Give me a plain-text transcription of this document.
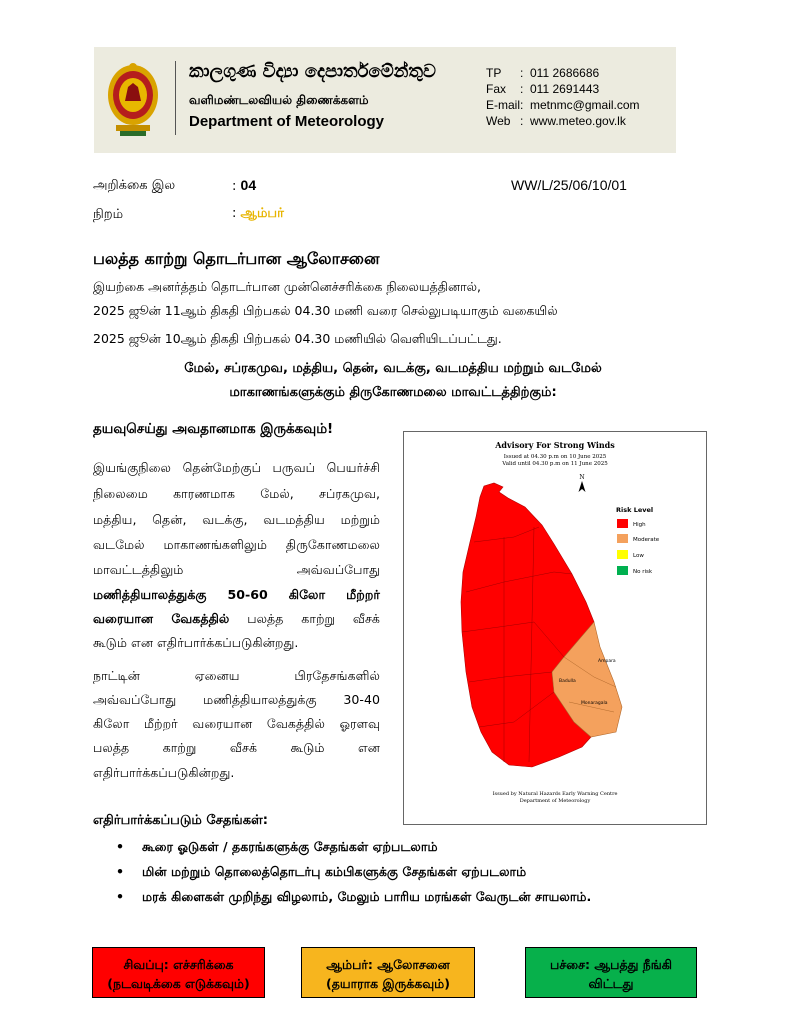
කාලගුණ විද්‍යා දෙපාර්තමේන්තුව
வளிமண்டலவியல் திணைக்களம்
Department of Meteorology
TP : 011 2686686
Fax : 011 2691443
E-mail: metnmc@gmail.com
Web : www.meteo.gov.lk
அறிக்கை இல	: 04	WW/L/25/06/10/01
நிறம்	: ஆம்பர்
பலத்த காற்று தொடர்பான ஆலோசனை
இயற்கை அனர்த்தம் தொடர்பான முன்னெச்சரிக்கை நிலையத்தினால்,
2025 ஜூன் 11ஆம் திகதி பிற்பகல் 04.30 மணி வரை செல்லுபடியாகும் வகையில்
2025 ஜூன் 10ஆம் திகதி பிற்பகல் 04.30 மணியில் வெளியிடப்பட்டது.
மேல், சப்ரகமுவ, மத்திய, தென், வடக்கு, வடமத்திய மற்றும் வடமேல்
மாகாணங்களுக்கும் திருகோணமலை மாவட்டத்திற்கும்:
தயவுசெய்து அவதானமாக இருக்கவும்!
இயங்குநிலை தென்மேற்குப் பருவப் பெயர்ச்சி
நிலைமை காரணமாக மேல், சப்ரகமுவ,
மத்திய, தென், வடக்கு, வடமத்திய மற்றும்
வடமேல் மாகாணங்களிலும் திருகோணமலை
மாவட்டத்திலும் அவ்வப்போது
மணித்தியாலத்துக்கு 50-60 கிலோ மீற்றர்
வரையான வேகத்தில் பலத்த காற்று வீசக்
கூடும் என எதிர்பார்க்கப்படுகின்றது.
நாட்டின் ஏனைய பிரதேசங்களில்
அவ்வப்போது மணித்தியாலத்துக்கு 30-40
கிலோ மீற்றர் வரையான வேகத்தில் ஓரளவு
பலத்த காற்று வீசக் கூடும் என
எதிர்பார்க்கப்படுகின்றது.
Advisory For Strong Winds
Issued at 04.30 p.m on 10 June 2025
Valid until 04.30 p.m on 11 June 2025
N
Ampara
Badulla
Monaragala
Risk Level
High
Moderate
Low
No risk
Issued by Natural Hazards Early Warning Centre
Department of Meteorology
எதிர்பார்க்கப்படும் சேதங்கள்:
• கூரை ஓடுகள் / தகரங்களுக்கு சேதங்கள் ஏற்படலாம்
• மின் மற்றும் தொலைத்தொடர்பு கம்பிகளுக்கு சேதங்கள் ஏற்படலாம்
• மரக் கிளைகள் முறிந்து விழலாம், மேலும் பாரிய மரங்கள் வேருடன் சாயலாம்.
சிவப்பு: எச்சரிக்கை
(நடவடிக்கை எடுக்கவும்)
ஆம்பர்: ஆலோசனை
(தயாராக இருக்கவும்)
பச்சை: ஆபத்து நீங்கி
விட்டது
